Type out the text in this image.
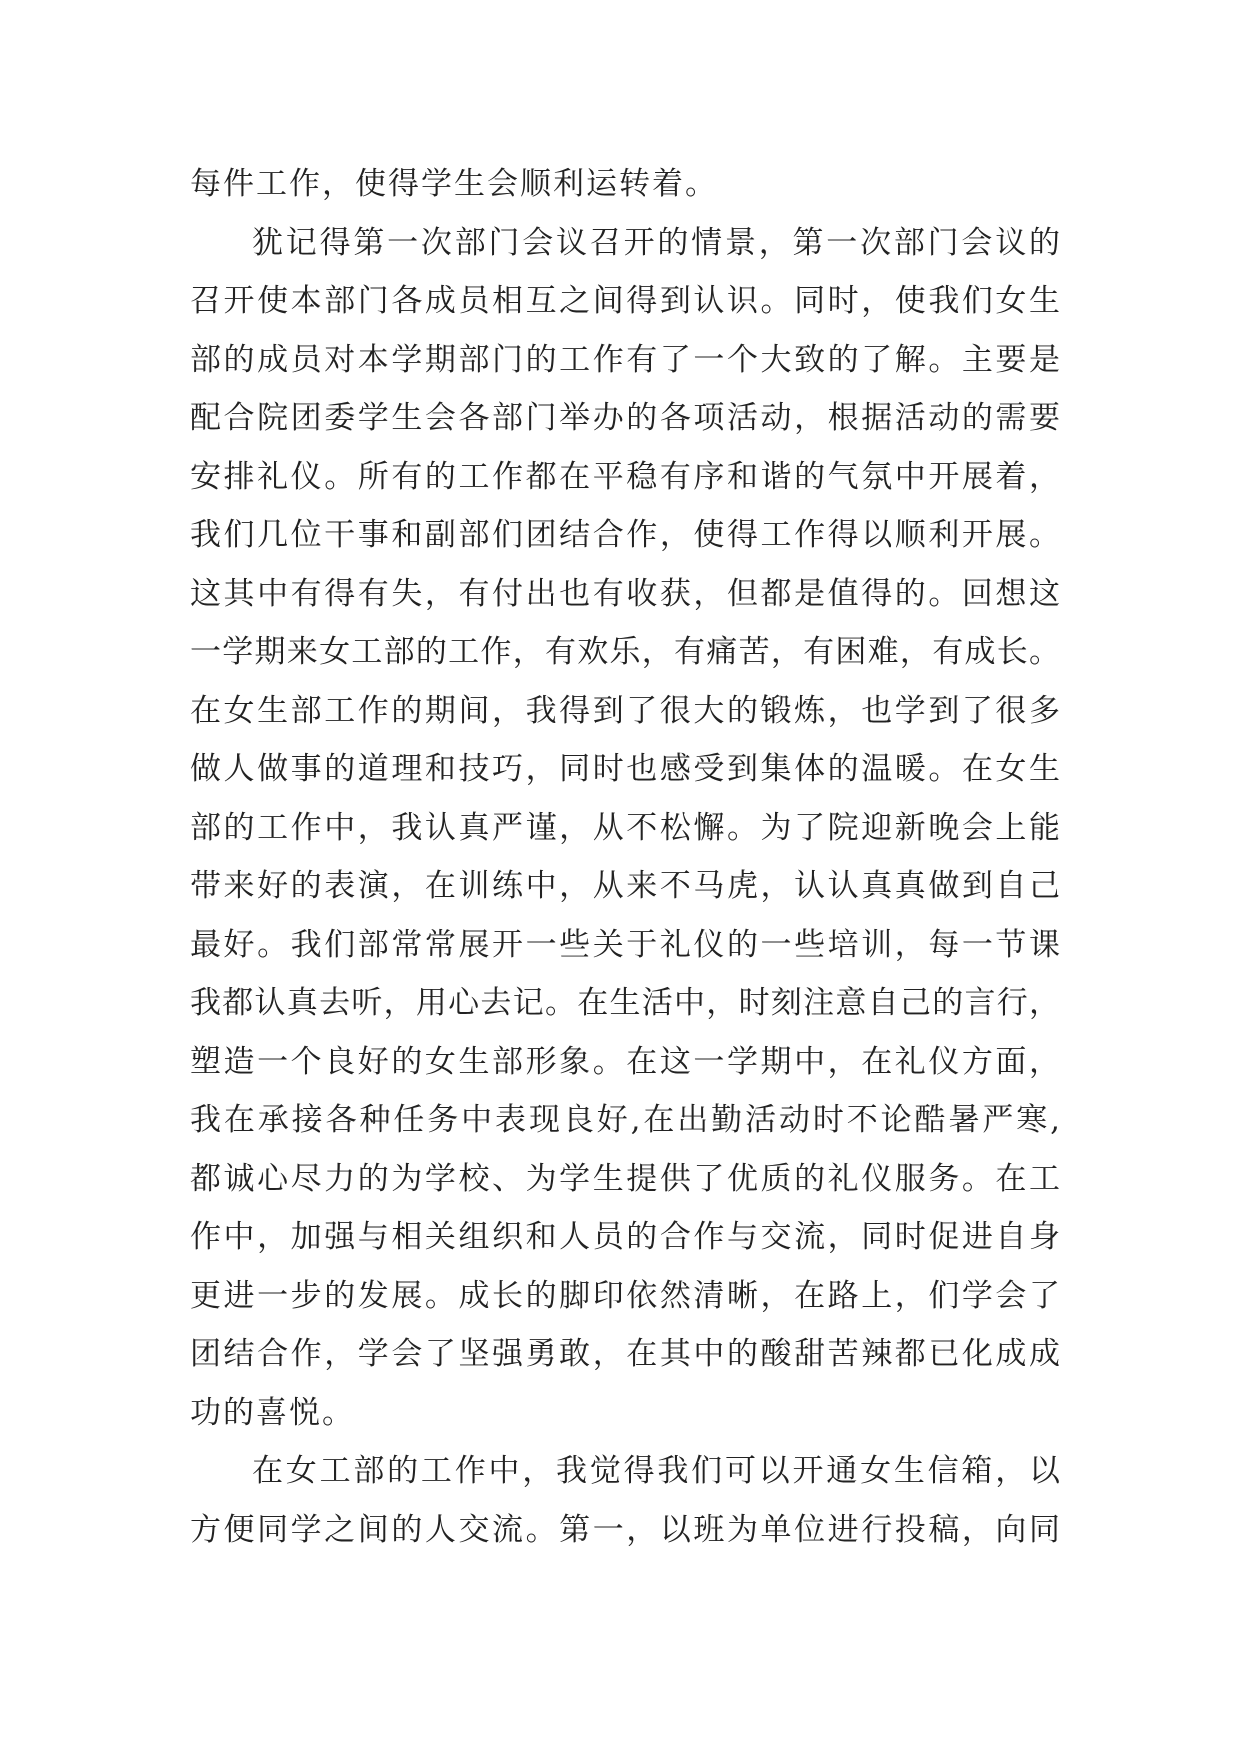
每件工作，使得学生会顺利运转着。
犹记得第一次部门会议召开的情景，第一次部门会议的
召开使本部门各成员相互之间得到认识。同时，使我们女生
部的成员对本学期部门的工作有了一个大致的了解。主要是
配合院团委学生会各部门举办的各项活动，根据活动的需要
安排礼仪。所有的工作都在平稳有序和谐的气氛中开展着，
我们几位干事和副部们团结合作，使得工作得以顺利开展。
这其中有得有失，有付出也有收获，但都是值得的。回想这
一学期来女工部的工作，有欢乐，有痛苦，有困难，有成长。
在女生部工作的期间，我得到了很大的锻炼，也学到了很多
做人做事的道理和技巧，同时也感受到集体的温暖。在女生
部的工作中，我认真严谨，从不松懈。为了院迎新晚会上能
带来好的表演，在训练中，从来不马虎，认认真真做到自己
最好。我们部常常展开一些关于礼仪的一些培训，每一节课
我都认真去听，用心去记。在生活中，时刻注意自己的言行，
塑造一个良好的女生部形象。在这一学期中，在礼仪方面，
我在承接各种任务中表现良好,在出勤活动时不论酷暑严寒,
都诚心尽力的为学校、为学生提供了优质的礼仪服务。在工
作中，加强与相关组织和人员的合作与交流，同时促进自身
更进一步的发展。成长的脚印依然清晰，在路上，们学会了
团结合作，学会了坚强勇敢，在其中的酸甜苦辣都已化成成
功的喜悦。
在女工部的工作中，我觉得我们可以开通女生信箱，以
方便同学之间的人交流。第一，以班为单位进行投稿，向同
